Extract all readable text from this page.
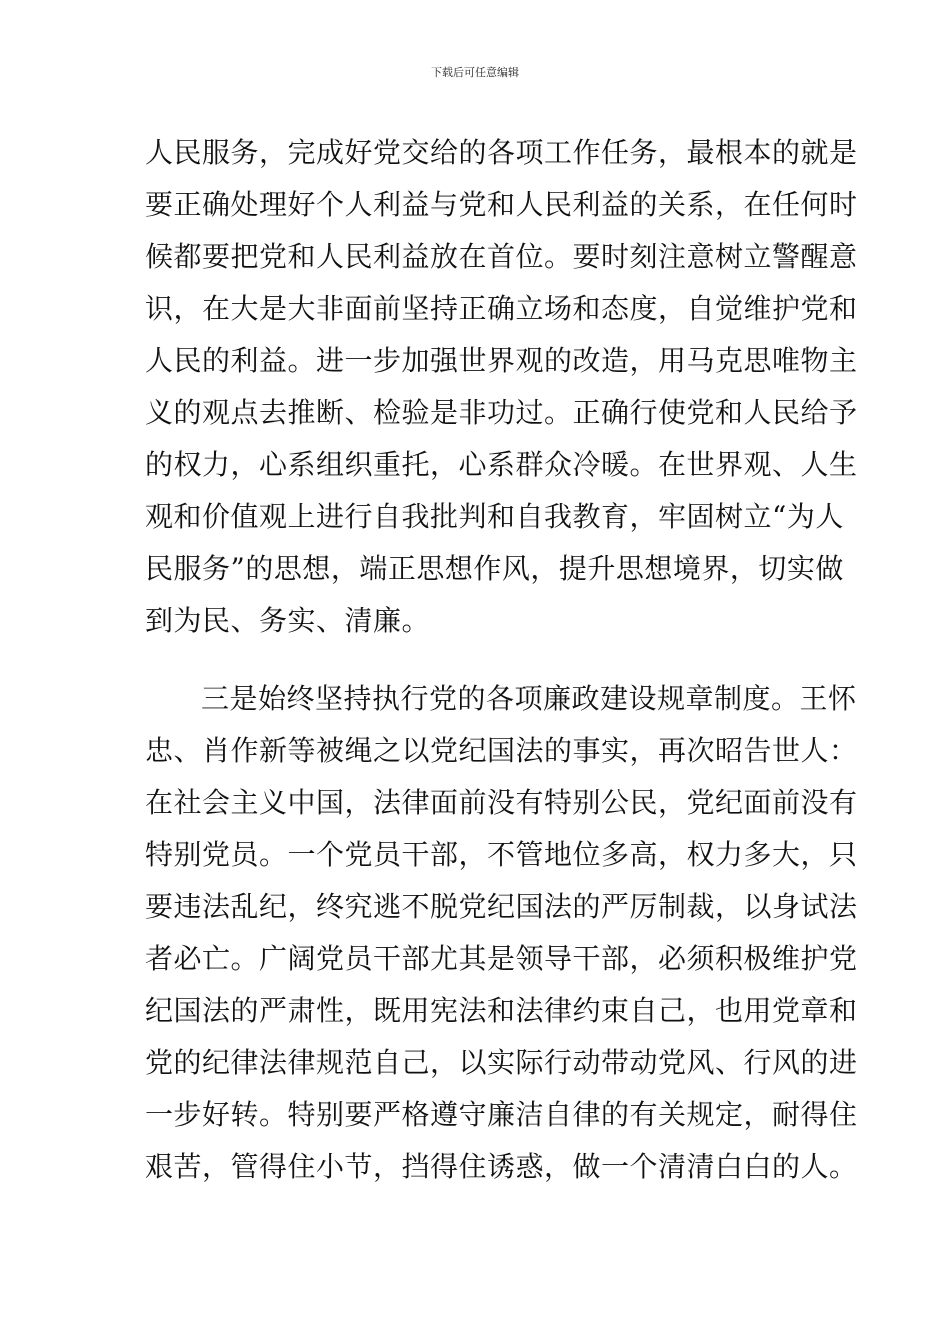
下载后可任意编辑
人民服务，完成好党交给的各项工作任务，最根本的就是
要正确处理好个人利益与党和人民利益的关系，在任何时
候都要把党和人民利益放在首位。要时刻注意树立警醒意
识，在大是大非面前坚持正确立场和态度，自觉维护党和
人民的利益。进一步加强世界观的改造，用马克思唯物主
义的观点去推断、检验是非功过。正确行使党和人民给予
的权力，心系组织重托，心系群众冷暖。在世界观、人生
观和价值观上进行自我批判和自我教育，牢固树立“为人
民服务”的思想，端正思想作风，提升思想境界，切实做
到为民、务实、清廉。
三是始终坚持执行党的各项廉政建设规章制度。王怀
忠、肖作新等被绳之以党纪国法的事实，再次昭告世人：
在社会主义中国，法律面前没有特别公民，党纪面前没有
特别党员。一个党员干部，不管地位多高，权力多大，只
要违法乱纪，终究逃不脱党纪国法的严厉制裁，以身试法
者必亡。广阔党员干部尤其是领导干部，必须积极维护党
纪国法的严肃性，既用宪法和法律约束自己，也用党章和
党的纪律法律规范自己，以实际行动带动党风、行风的进
一步好转。特别要严格遵守廉洁自律的有关规定，耐得住
艰苦，管得住小节，挡得住诱惑，做一个清清白白的人。
